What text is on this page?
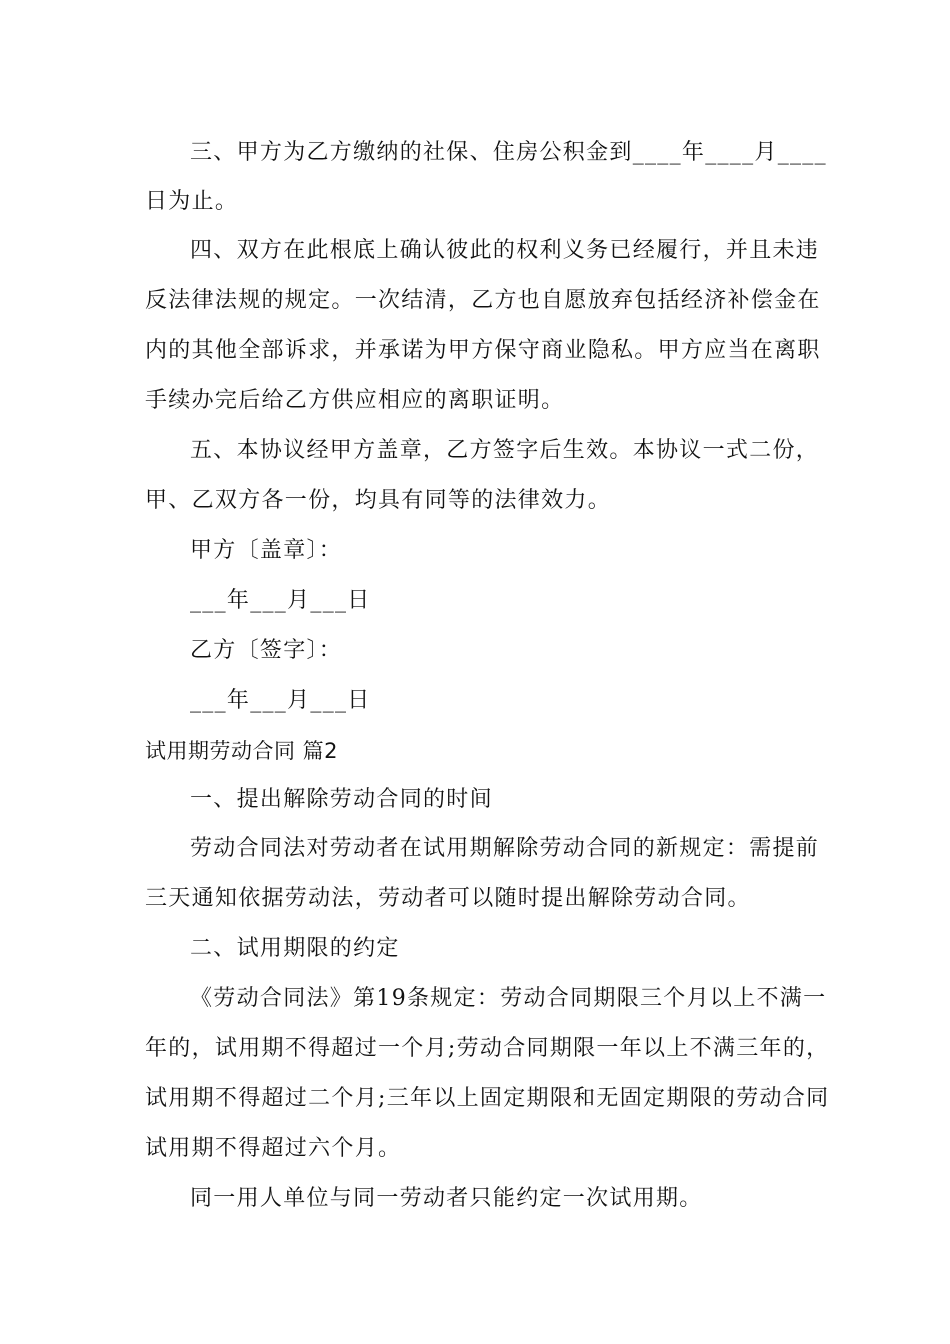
三、甲方为乙方缴纳的社保、住房公积金到____年____月____
日为止。
四、双方在此根底上确认彼此的权利义务已经履行，并且未违
反法律法规的规定。一次结清，乙方也自愿放弃包括经济补偿金在
内的其他全部诉求，并承诺为甲方保守商业隐私。甲方应当在离职
手续办完后给乙方供应相应的离职证明。
五、本协议经甲方盖章，乙方签字后生效。本协议一式二份，
甲、乙双方各一份，均具有同等的法律效力。
甲方〔盖章〕：
___年___月___日
乙方〔签字〕：
___年___月___日
试用期劳动合同 篇2
一、提出解除劳动合同的时间
劳动合同法对劳动者在试用期解除劳动合同的新规定：需提前
三天通知依据劳动法，劳动者可以随时提出解除劳动合同。
二、试用期限的约定
《劳动合同法》第19条规定：劳动合同期限三个月以上不满一
年的，试用期不得超过一个月;劳动合同期限一年以上不满三年的，
试用期不得超过二个月;三年以上固定期限和无固定期限的劳动合同
试用期不得超过六个月。
同一用人单位与同一劳动者只能约定一次试用期。
